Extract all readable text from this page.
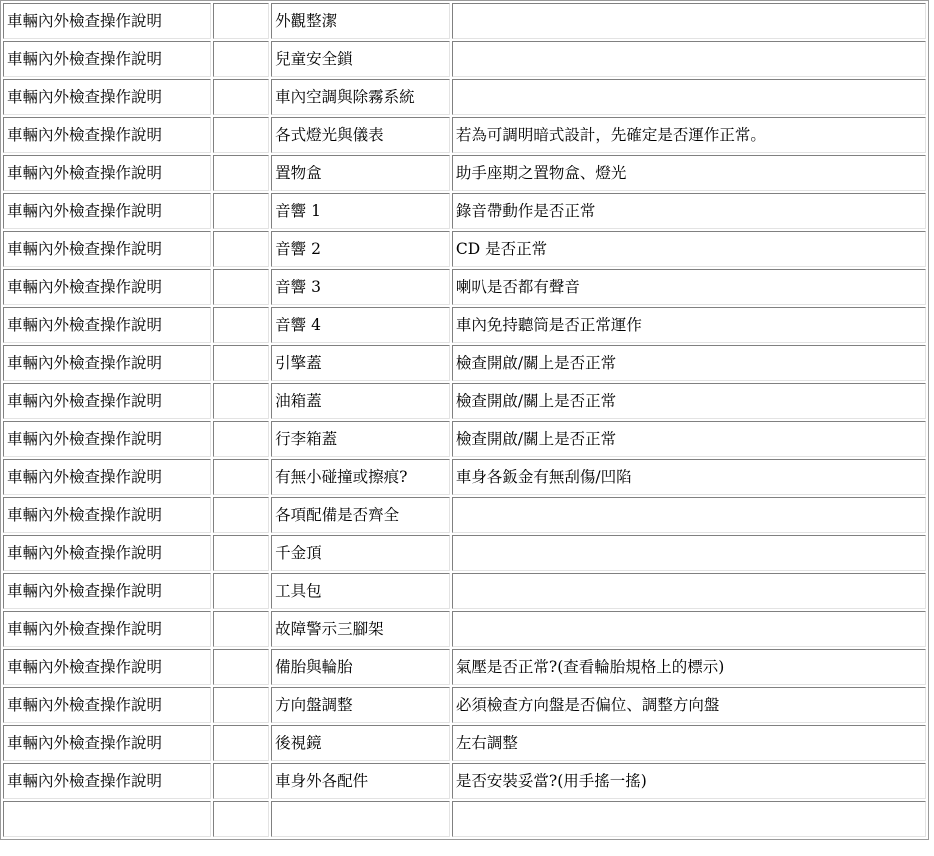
車輛內外檢查操作說明		外觀整潔	
車輛內外檢查操作說明		兒童安全鎖	
車輛內外檢查操作說明		車內空調與除霧系統	
車輛內外檢查操作說明		各式燈光與儀表	若為可調明暗式設計，先確定是否運作正常。
車輛內外檢查操作說明		置物盒	助手座期之置物盒、燈光
車輛內外檢查操作說明		音響 1	錄音帶動作是否正常
車輛內外檢查操作說明		音響 2	CD 是否正常
車輛內外檢查操作說明		音響 3	喇叭是否都有聲音
車輛內外檢查操作說明		音響 4	車內免持聽筒是否正常運作
車輛內外檢查操作說明		引擎蓋	檢查開啟/關上是否正常
車輛內外檢查操作說明		油箱蓋	檢查開啟/關上是否正常
車輛內外檢查操作說明		行李箱蓋	檢查開啟/關上是否正常
車輛內外檢查操作說明		有無小碰撞或擦痕?	車身各鈑金有無刮傷/凹陷
車輛內外檢查操作說明		各項配備是否齊全	
車輛內外檢查操作說明		千金頂	
車輛內外檢查操作說明		工具包	
車輛內外檢查操作說明		故障警示三腳架	
車輛內外檢查操作說明		備胎與輪胎	氣壓是否正常?(查看輪胎規格上的標示)
車輛內外檢查操作說明		方向盤調整	必須檢查方向盤是否偏位、調整方向盤
車輛內外檢查操作說明		後視鏡	左右調整
車輛內外檢查操作說明		車身外各配件	是否安裝妥當?(用手搖一搖)
